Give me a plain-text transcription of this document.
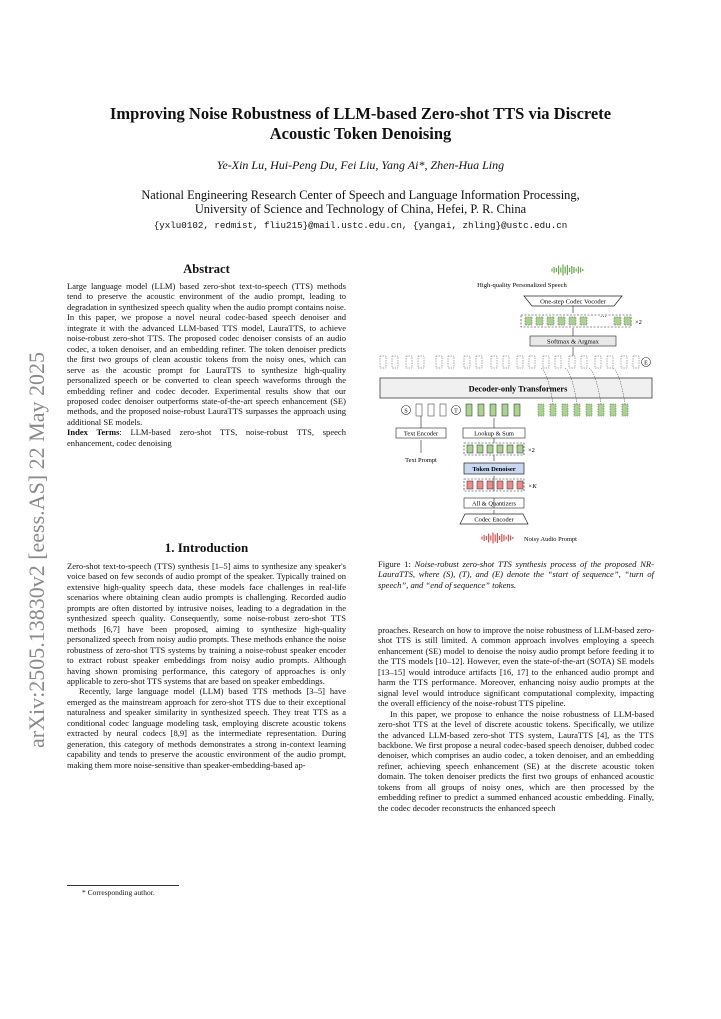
arXiv:2505.13830v2 [eess.AS] 22 May 2025
Improving Noise Robustness of LLM-based Zero-shot TTS via Discrete
Acoustic Token Denoising
Ye-Xin Lu, Hui-Peng Du, Fei Liu, Yang Ai*, Zhen-Hua Ling
National Engineering Research Center of Speech and Language Information Processing,
University of Science and Technology of China, Hefei, P. R. China
{yxlu0102, redmist, fliu215}@mail.ustc.edu.cn, {yangai, zhling}@ustc.edu.cn
Abstract

Large language model (LLM) based zero-shot text-to-speech (TTS) methods tend to preserve the acoustic environment of the audio prompt, leading to degradation in synthesized speech quality when the audio prompt contains noise. In this paper, we propose a novel neural codec-based speech denoiser and integrate it with the advanced LLM-based TTS model, LauraTTS, to achieve noise-robust zero-shot TTS. The proposed codec denoiser consists of an audio codec, a token denoiser, and an embedding refiner. The token denoiser predicts the first two groups of clean acoustic tokens from the noisy ones, which can serve as the acoustic prompt for LauraTTS to synthesize high-quality personalized speech or be converted to clean speech waveforms through the embedding refiner and codec decoder. Experimental results show that our proposed codec denoiser outperforms state-of-the-art speech enhancement (SE) methods, and the proposed noise-robust LauraTTS surpasses the approach using additional SE models.

Index Terms: LLM-based zero-shot TTS, noise-robust TTS, speech enhancement, codec denoising

1. Introduction

Zero-shot text-to-speech (TTS) synthesis [1–5] aims to synthesize any speaker's voice based on few seconds of audio prompt of the speaker. Typically trained on extensive high-quality speech data, these models face challenges in real-life scenarios where obtaining clean audio prompts is challenging. Recorded audio prompts are often distorted by intrusive noises, leading to a degradation in the synthesized speech quality. Consequently, some noise-robust zero-shot TTS methods [6,7] have been proposed, aiming to synthesize high-quality personalized speech from noisy audio prompts. These methods enhance the noise robustness of zero-shot TTS systems by training a noise-robust speaker encoder to extract robust speaker embeddings from noisy audio prompts. Although having shown promising performance, this category of approaches is only applicable to zero-shot TTS systems that are based on speaker embeddings.

Recently, large language model (LLM) based TTS methods [3–5] have emerged as the mainstream approach for zero-shot TTS due to their exceptional naturalness and speaker similarity in synthesized speech. They treat TTS as a conditional codec language modeling task, employing discrete acoustic tokens extracted by neural codecs [8,9] as the intermediate representation. During generation, this category of methods demonstrates a strong in-context learning capability and tends to preserve the acoustic environment of the audio prompt, making them more noise-sensitive than speaker-embedding-based ap-

* Corresponding author.
High-quality Personalized Speech
One-step Codec Vocoder
×2
···
Softmax & Argmax
E
Decoder-only Transformers
S	T
Text Encoder
Text Prompt
Lookup & Sum
×2
Token Denoiser
×K
All & Quantizers
Codec Encoder
Noisy Audio Prompt
Figure 1: Noise-robust zero-shot TTS synthesis process of the proposed NR-LauraTTS, where (S), (T), and (E) denote the “start of sequence”, “turn of speech”, and “end of sequence” tokens.

proaches. Research on how to improve the noise robustness of LLM-based zero-shot TTS is still limited. A common approach involves employing a speech enhancement (SE) model to denoise the noisy audio prompt before feeding it to the TTS models [10–12]. However, even the state-of-the-art (SOTA) SE models [13–15] would introduce artifacts [16, 17] to the enhanced audio prompt and harm the TTS performance. Moreover, enhancing noisy audio prompts at the signal level would introduce significant computational complexity, impacting the overall efficiency of the noise-robust TTS pipeline.

In this paper, we propose to enhance the noise robustness of LLM-based zero-shot TTS at the level of discrete acoustic tokens. Specifically, we utilize the advanced LLM-based zero-shot TTS system, LauraTTS [4], as the TTS backbone. We first propose a neural codec-based speech denoiser, dubbed codec denoiser, which comprises an audio codec, a token denoiser, and an embedding refiner, achieving speech enhancement (SE) at the discrete acoustic token domain. The token denoiser predicts the first two groups of enhanced acoustic tokens from all groups of noisy ones, which are then processed by the embedding refiner to predict a summed enhanced acoustic embedding. Finally, the codec decoder reconstructs the enhanced speech
